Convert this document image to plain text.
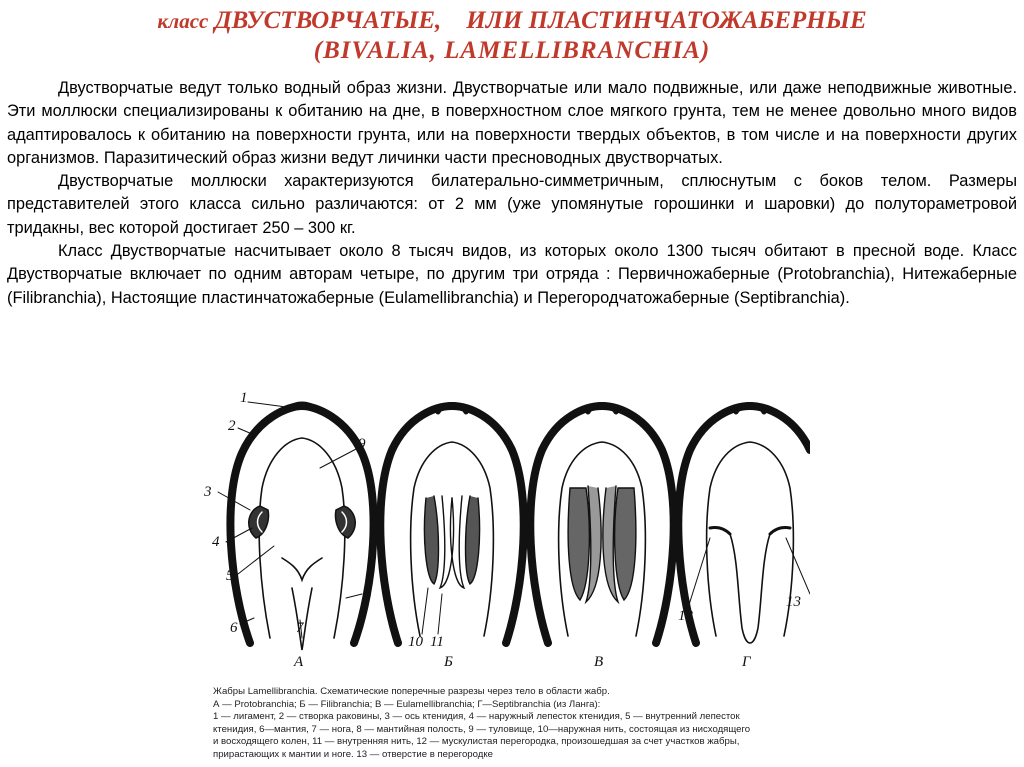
класс ДВУСТВОРЧАТЫЕ,    ИЛИ ПЛАСТИНЧАТОЖАБЕРНЫЕ
(BIVALIA, LAMELLIBRANCHIA)

Двустворчатые ведут только водный образ жизни. Двустворчатые или мало подвижные, или даже неподвижные животные. Эти моллюски специализированы к обитанию на дне, в поверхностном слое мягкого грунта, тем не менее довольно много видов адаптировалось к обитанию на поверхности грунта, или на поверхности твердых объектов, в том числе и на поверхности других организмов. Паразитический образ жизни ведут личинки части пресноводных двустворчатых.

Двустворчатые моллюски характеризуются билатерально-симметричным, сплюснутым с боков телом. Размеры представителей этого класса сильно различаются: от 2 мм (уже упомянутые горошинки и шаровки) до полутораметровой тридакны, вес которой достигает 250 – 300 кг.

Класс Двустворчатые насчитывает около 8 тысяч видов, из которых около 1300 тысяч обитают в пресной воде. Класс Двустворчатые включает по одним авторам четыре, по другим три отряда : Первичножаберные (Protobranchia), Нитежаберные (Filibranchia), Настоящие пластинчатожаберные (Eulamellibranchia) и Перегородчатожаберные (Septibranchia).

А	Б	В	Г
1
2
3
4
5
6	7
8
9
10 11
12
13
Жабры Lamellibranchia. Схематические поперечные разрезы через тело в области жабр.
А — Protobranchia; Б — Filibranchia; В — Eulamellibranchia; Г—Septibranchia (из Ланга):
1 — лигамент, 2 — створка раковины, 3 — ось ктенидия, 4 — наружный лепесток ктенидия, 5 — внутренний лепесток
ктенидия, 6—мантия, 7 — нога, 8 — мантийная полость, 9 — туловище, 10—наружная нить, состоящая из нисходящего
и восходящего колен, 11 — внутренняя нить, 12 — мускулистая перегородка, произошедшая за счет участков жабры,
прирастающих к мантии и ноге. 13 — отверстие в перегородке
